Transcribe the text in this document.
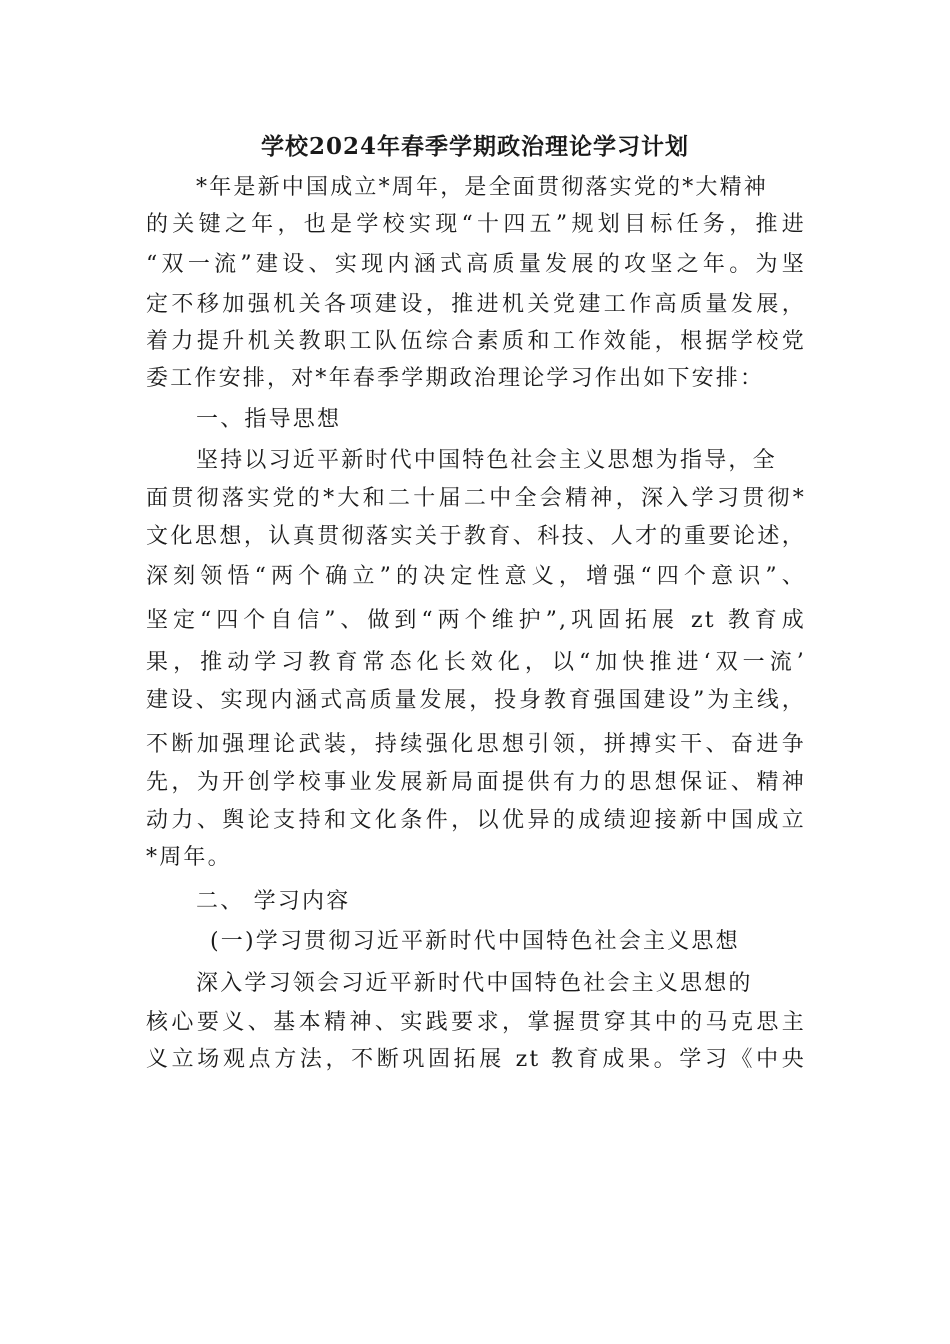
学校2024年春季学期政治理论学习计划

*年是新中国成立*周年，是全面贯彻落实党的*大精神

的关键之年，也是学校实现“十四五”规划目标任务，推进

“双一流”建设、实现内涵式高质量发展的攻坚之年。为坚

定不移加强机关各项建设，推进机关党建工作高质量发展，

着力提升机关教职工队伍综合素质和工作效能，根据学校党

委工作安排，对*年春季学期政治理论学习作出如下安排：

一、指导思想

坚持以习近平新时代中国特色社会主义思想为指导，全

面贯彻落实党的*大和二十届二中全会精神，深入学习贯彻*

文化思想，认真贯彻落实关于教育、科技、人才的重要论述，

深刻领悟“两个确立”的决定性意义，增强“四个意识”、

坚定“四个自信”、做到“两个维护”,巩固拓展 zt 教育成

果，推动学习教育常态化长效化，以“加快推进‘双一流’

建设、实现内涵式高质量发展，投身教育强国建设”为主线，

不断加强理论武装，持续强化思想引领，拼搏实干、奋进争

先，为开创学校事业发展新局面提供有力的思想保证、精神

动力、舆论支持和文化条件，以优异的成绩迎接新中国成立

*周年。

二、 学习内容

(一)学习贯彻习近平新时代中国特色社会主义思想

深入学习领会习近平新时代中国特色社会主义思想的

核心要义、基本精神、实践要求，掌握贯穿其中的马克思主

义立场观点方法，不断巩固拓展 zt 教育成果。学习《中央
